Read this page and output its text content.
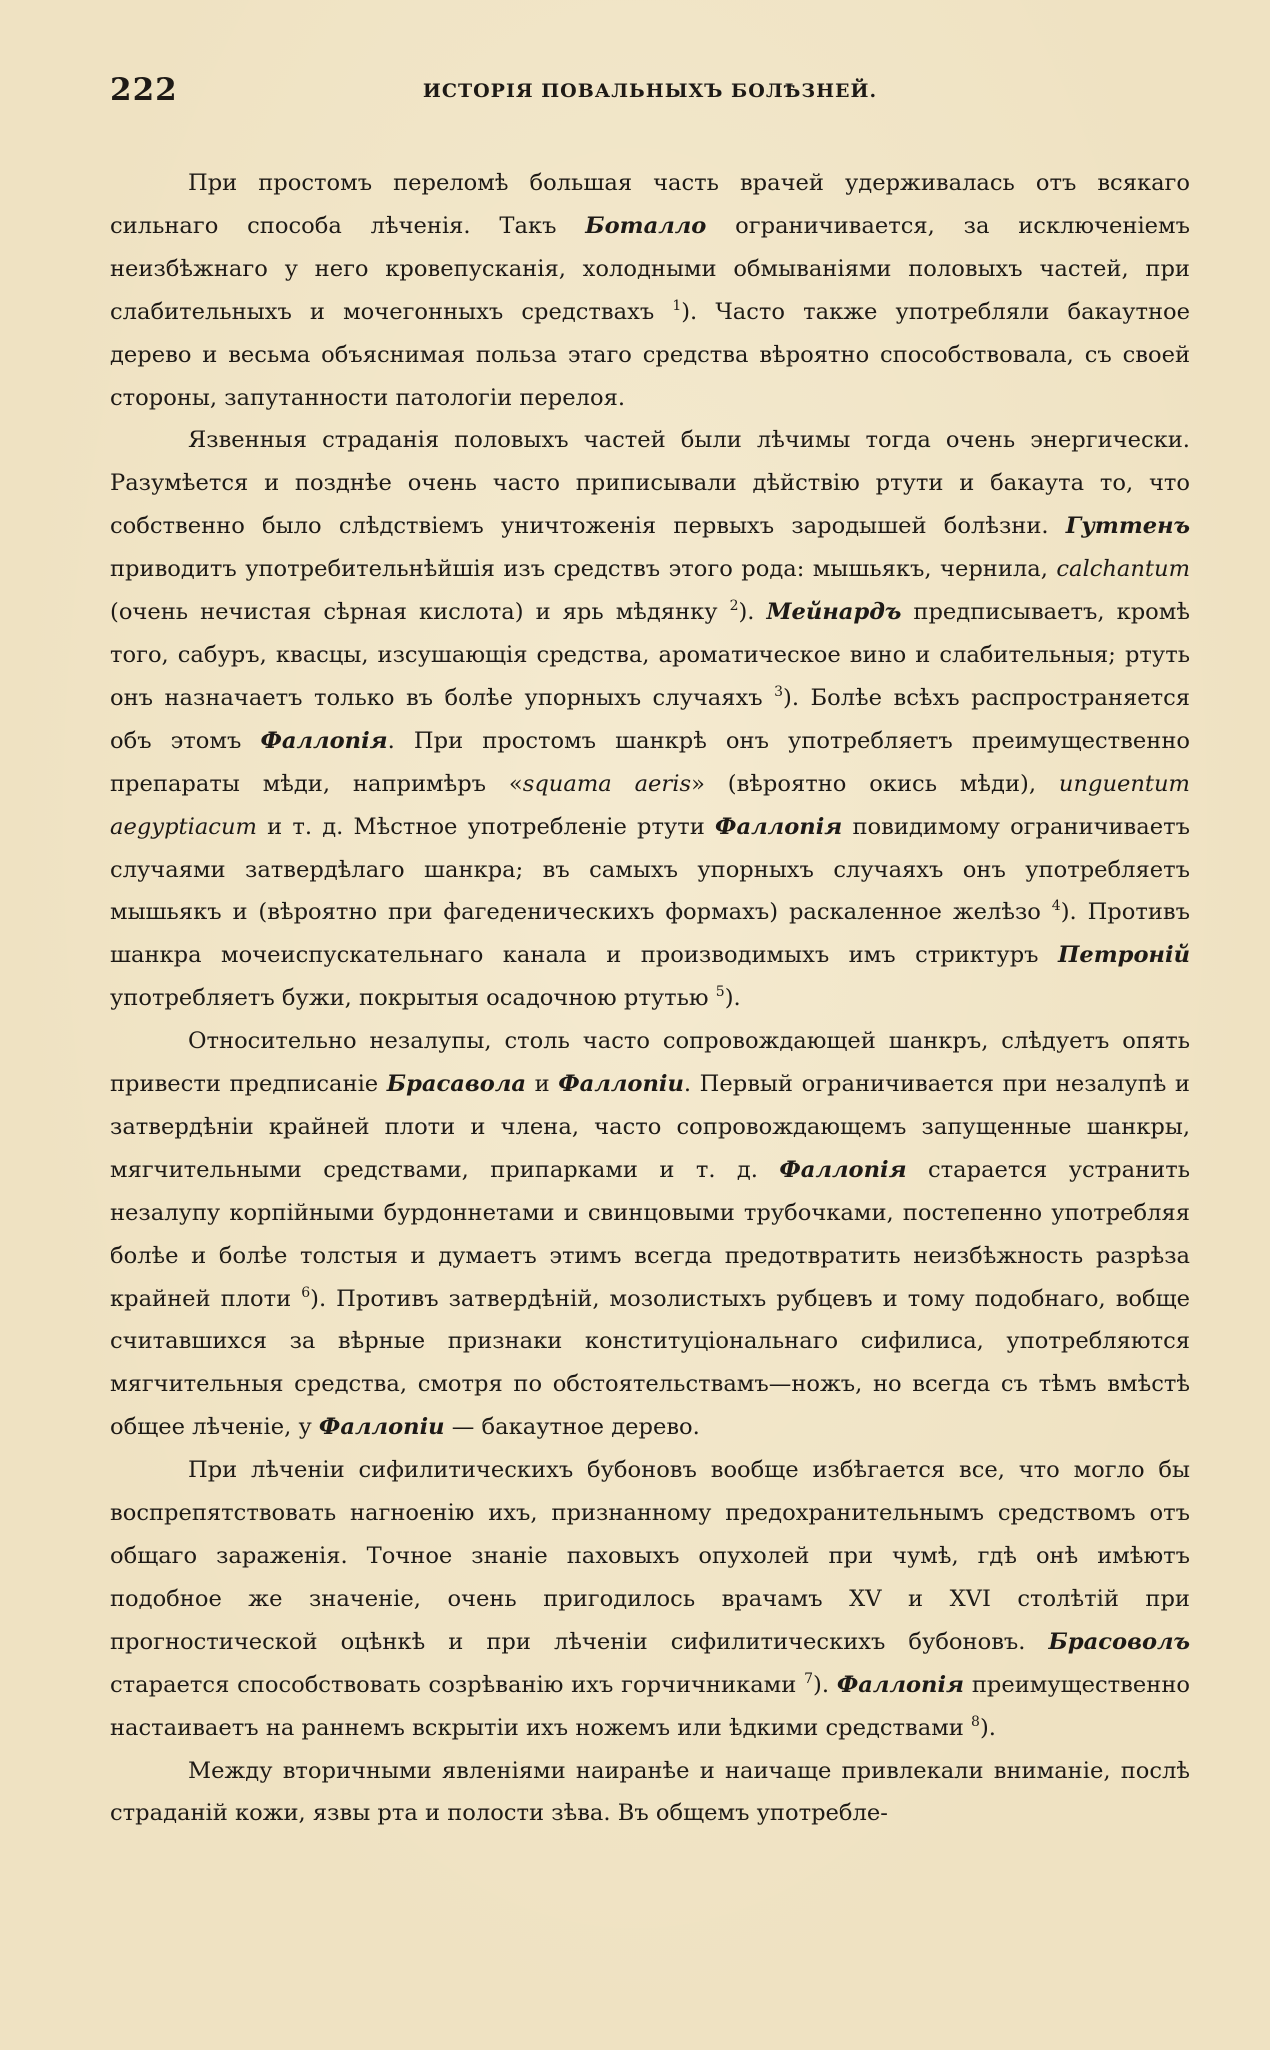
222	ИСТОРІЯ ПОВАЛЬНЫХЪ БОЛѢЗНЕЙ.

При простомъ переломѣ большая часть врачей удерживалась отъ всякаго сильнаго способа лѣченія. Такъ Боталло ограничивается, за исключеніемъ неизбѣжнаго у него кровепусканія, холодными обмываніями половыхъ частей, при слабительныхъ и мочегонныхъ средствахъ $^1$). Часто также употребляли бакаутное дерево и весьма объяснимая польза этаго средства вѣроятно способствовала, съ своей стороны, запутанности патологіи перелоя.

Язвенныя страданія половыхъ частей были лѣчимы тогда очень энергически. Разумѣется и позднѣе очень часто приписывали дѣйствію ртути и бакаута то, что собственно было слѣдствіемъ уничтоженія первыхъ зародышей болѣзни. Гуттенъ приводитъ употребительнѣйшія изъ средствъ этого рода: мышьякъ, чернила, calchantum (очень нечистая сѣрная кислота) и ярь мѣдянку $^2$). Мейнардъ предписываетъ, кромѣ того, сабуръ, квасцы, изсушающія средства, ароматическое вино и слабительныя; ртуть онъ назначаетъ только въ болѣе упорныхъ случаяхъ $^3$). Болѣе всѣхъ распространяется объ этомъ Фаллопія. При простомъ шанкрѣ онъ употребляетъ преимущественно препараты мѣди, напримѣръ «squama aeris» (вѣроятно окись мѣди), unguentum aegyptiacum и т. д. Мѣстное употребленіе ртути Фаллопія повидимому ограничиваетъ случаями затвердѣлаго шанкра; въ самыхъ упорныхъ случаяхъ онъ употребляетъ мышьякъ и (вѣроятно при фагеденическихъ формахъ) раскаленное желѣзо $^4$). Противъ шанкра мочеиспускательнаго канала и производимыхъ имъ стриктуръ Петроній употребляетъ бужи, покрытыя осадочною ртутью $^5$).

Относительно незалупы, столь часто сопровождающей шанкръ, слѣдуетъ опять привести предписаніе Брасавола и Фаллопіи. Первый ограничивается при незалупѣ и затвердѣніи крайней плоти и члена, часто сопровождающемъ запущенные шанкры, мягчительными средствами, припарками и т. д. Фаллопія старается устранить незалупу корпійными бурдоннетами и свинцовыми трубочками, постепенно употребляя болѣе и болѣе толстыя и думаетъ этимъ всегда предотвратить неизбѣжность разрѣза крайней плоти $^6$). Противъ затвердѣній, мозолистыхъ рубцевъ и тому подобнаго, вобще считавшихся за вѣрные признаки конституціональнаго сифилиса, употребляются мягчительныя средства, смотря по обстоятельствамъ—ножъ, но всегда съ тѣмъ вмѣстѣ общее лѣченіе, у Фаллопіи — бакаутное дерево.

При лѣченіи сифилитическихъ бубоновъ вообще избѣгается все, что могло бы воспрепятствовать нагноенію ихъ, признанному предохранительнымъ средствомъ отъ общаго зараженія. Точное знаніе паховыхъ опухолей при чумѣ, гдѣ онѣ имѣютъ подобное же значеніе, очень пригодилось врачамъ XV и XVI столѣтій при прогностической оцѣнкѣ и при лѣченіи сифилитическихъ бубоновъ. Брасоволъ старается способствовать созрѣванію ихъ горчичниками $^7$). Фаллопія преимущественно настаиваетъ на раннемъ вскрытіи ихъ ножемъ или ѣдкими средствами $^8$).

Между вторичными явленіями наиранѣе и наичаще привлекали вниманіе, послѣ страданій кожи, язвы рта и полости зѣва. Въ общемъ употребле-
